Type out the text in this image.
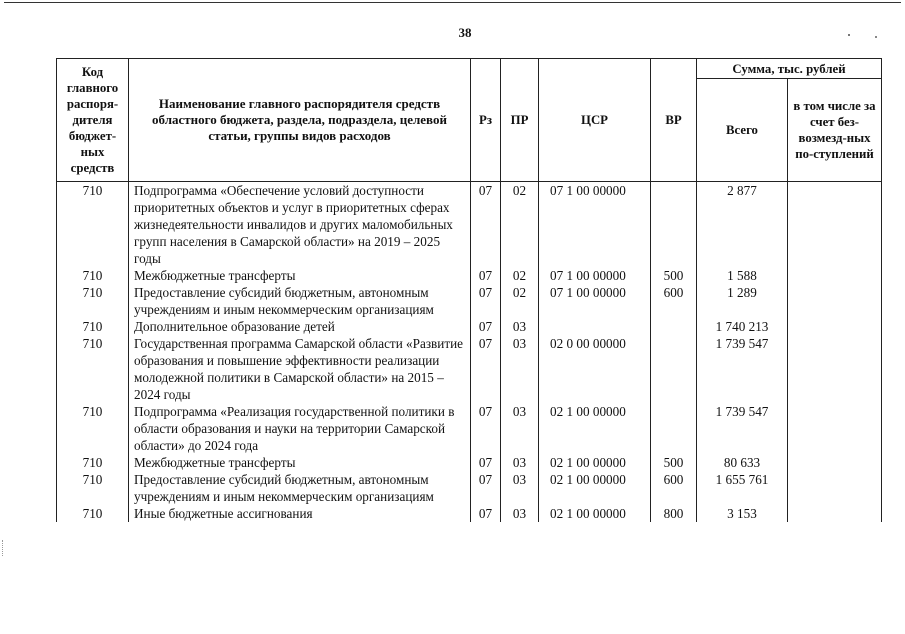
38
Код главного распоря-дителя бюджет-ных средств	Наименование главного распорядителя средств областного бюджета, раздела, подраздела, целевой статьи, группы видов расходов	Рз	ПР	ЦСР	ВР	Сумма, тыс. рублей	
						Всего	в том числе за счет без-возмезд-ных по-ступлений
710	Подпрограмма «Обеспечение условий доступности приоритетных объектов и услуг в приоритетных сферах жизнедеятельности инвалидов и других маломобильных групп населения в Самарской области» на 2019 – 2025 годы	07	02	07 1 00 00000		2 877	
710	Межбюджетные трансферты	07	02	07 1 00 00000	500	1 588	
710	Предоставление субсидий бюджетным, автономным учреждениям и иным некоммерческим организациям	07	02	07 1 00 00000	600	1 289	
710	Дополнительное образование детей	07	03			1 740 213	
710	Государственная программа Самарской области «Развитие образования и повышение эффективности реализации молодежной политики в Самарской области» на 2015 – 2024 годы	07	03	02 0 00 00000		1 739 547	
710	Подпрограмма «Реализация государственной политики в области образования и науки на территории Самарской области» до 2024 года	07	03	02 1 00 00000		1 739 547	
710	Межбюджетные трансферты	07	03	02 1 00 00000	500	80 633	
710	Предоставление субсидий бюджетным, автономным учреждениям и иным некоммерческим организациям	07	03	02 1 00 00000	600	1 655 761	
710	Иные бюджетные ассигнования	07	03	02 1 00 00000	800	3 153	
